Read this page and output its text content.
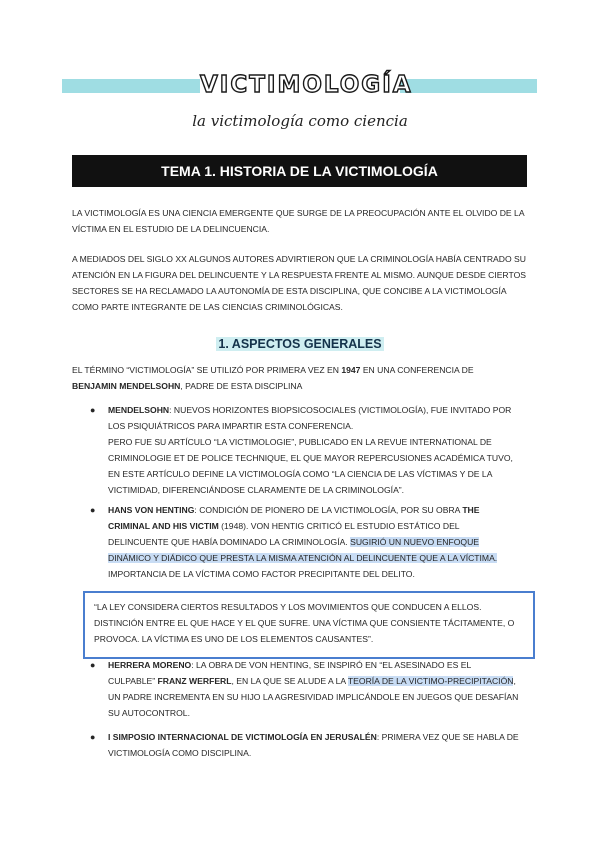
VICTIMOLOGÍA
la victimología como ciencia
TEMA 1. HISTORIA DE LA VICTIMOLOGÍA
LA VICTIMOLOGÍA ES UNA CIENCIA EMERGENTE QUE SURGE DE LA PREOCUPACIÓN ANTE EL OLVIDO DE LA VÍCTIMA EN EL ESTUDIO DE LA DELINCUENCIA.
A MEDIADOS DEL SIGLO XX ALGUNOS AUTORES ADVIRTIERON QUE LA CRIMINOLOGÍA HABÍA CENTRADO SU ATENCIÓN EN LA FIGURA DEL DELINCUENTE Y LA RESPUESTA FRENTE AL MISMO. AUNQUE DESDE CIERTOS SECTORES SE HA RECLAMADO LA AUTONOMÍA DE ESTA DISCIPLINA, QUE CONCIBE A LA VICTIMOLOGÍA COMO PARTE INTEGRANTE DE LAS CIENCIAS CRIMINOLÓGICAS.
1. ASPECTOS GENERALES
EL TÉRMINO “VICTIMOLOGÍA” SE UTILIZÓ POR PRIMERA VEZ EN 1947 EN UNA CONFERENCIA DE
BENJAMIN MENDELSOHN, PADRE DE ESTA DISCIPLINA
● MENDELSOHN: NUEVOS HORIZONTES BIOPSICOSOCIALES (VICTIMOLOGÍA), FUE INVITADO POR LOS PSIQUIÁTRICOS PARA IMPARTIR ESTA CONFERENCIA.
PERO FUE SU ARTÍCULO “LA VICTIMOLOGIE”, PUBLICADO EN LA REVUE INTERNATIONAL DE CRIMINOLOGIE ET DE POLICE TECHNIQUE, EL QUE MAYOR REPERCUSIONES ACADÉMICA TUVO, EN ESTE ARTÍCULO DEFINE LA VICTIMOLOGÍA COMO “LA CIENCIA DE LAS VÍCTIMAS Y DE LA VICTIMIDAD, DIFERENCIÁNDOSE CLARAMENTE DE LA CRIMINOLOGÍA”.
● HANS VON HENTING: CONDICIÓN DE PIONERO DE LA VICTIMOLOGÍA, POR SU OBRA THE CRIMINAL AND HIS VICTIM (1948). VON HENTIG CRITICÓ EL ESTUDIO ESTÁTICO DEL DELINCUENTE QUE HABÍA DOMINADO LA CRIMINOLOGÍA. SUGIRIÓ UN NUEVO ENFOQUE DINÁMICO Y DIÁDICO QUE PRESTA LA MISMA ATENCIÓN AL DELINCUENTE QUE A LA VÍCTIMA. IMPORTANCIA DE LA VÍCTIMA COMO FACTOR PRECIPITANTE DEL DELITO.
“LA LEY CONSIDERA CIERTOS RESULTADOS Y LOS MOVIMIENTOS QUE CONDUCEN A ELLOS. DISTINCIÓN ENTRE EL QUE HACE Y EL QUE SUFRE. UNA VÍCTIMA QUE CONSIENTE TÁCITAMENTE, O PROVOCA. LA VÍCTIMA ES UNO DE LOS ELEMENTOS CAUSANTES”.
● HERRERA MORENO: LA OBRA DE VON HENTING, SE INSPIRÓ EN “EL ASESINADO ES EL CULPABLE” FRANZ WERFERL, EN LA QUE SE ALUDE A LA TEORÍA DE LA VICTIMO-PRECIPITACIÓN, UN PADRE INCREMENTA EN SU HIJO LA AGRESIVIDAD IMPLICÁNDOLE EN JUEGOS QUE DESAFÍAN SU AUTOCONTROL.
● I SIMPOSIO INTERNACIONAL DE VICTIMOLOGÍA EN JERUSALÉN: PRIMERA VEZ QUE SE HABLA DE VICTIMOLOGÍA COMO DISCIPLINA.
